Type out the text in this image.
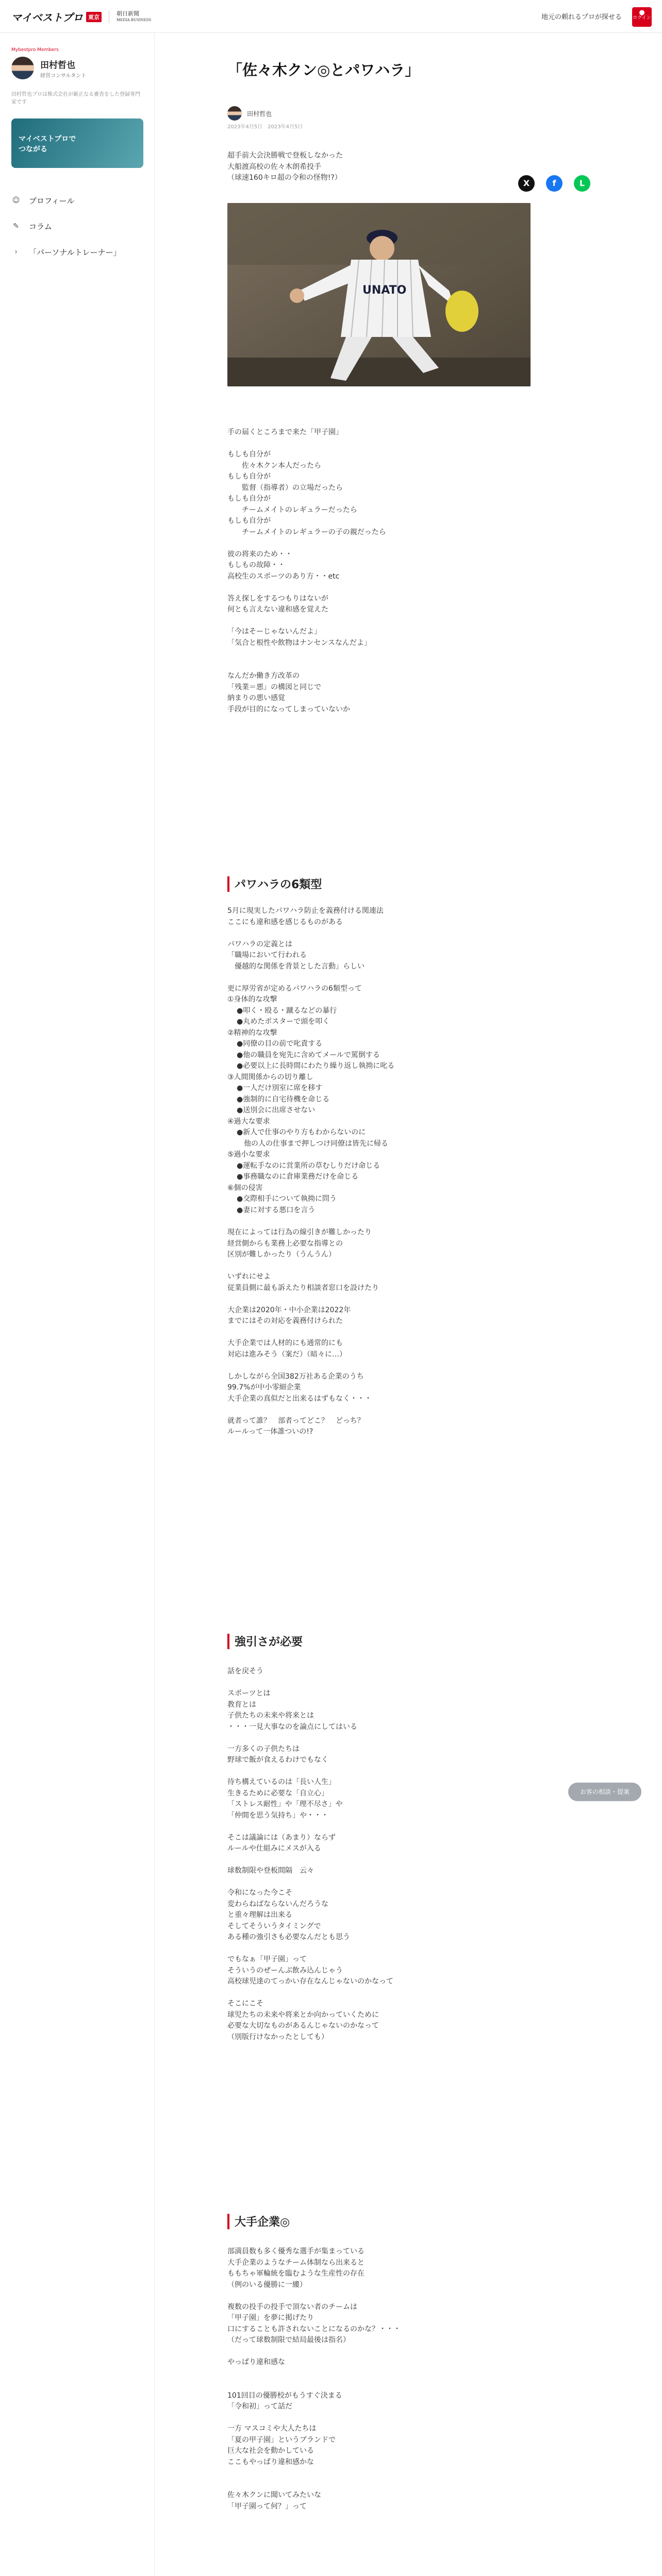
マイベストプロ 東京
朝日新聞
MEDIA BUSINESS	地元の頼れるプロが探せる
●
ログイン
Mybestpro Members
田村哲也
経営コンサルタント
田村哲也プロは株式会社が厳正なる審査をした登録専門家です
マイベストプロで
つながる
☺ プロフィール
✎ コラム
›	「パーソナルトレーナー」
「佐々木クン◎とパワハラ」
田村哲也
X	f	L
2023年4月5日　2023年4月5日
超手前大会決勝戦で登板しなかった
大船渡高校の佐々木朗希投手
（球速160キロ超の令和の怪物!?）
UNATO
手の届くところまで来た「甲子園」

もしも自分が
　　佐々木クン本人だったら
もしも自分が
　　監督（指導者）の立場だったら
もしも自分が
　　チームメイトのレギュラーだったら
もしも自分が
　　チームメイトのレギュラーの子の親だったら

彼の将来のため・・
もしもの故障・・
高校生のスポーツのあり方・・etc

答え探しをするつもりはないが
何とも言えない違和感を覚えた

「今はそーじゃないんだよ」
「気合と根性や飲物はナンセンスなんだよ」

なんだか働き方改革の
「残業＝悪」の構図と同じで
納まりの悪い感覚
手段が目的になってしまっていないか
パワハラの6類型
5月に現実したパワハラ防止を義務付ける関連法
ここにも違和感を感じるものがある

パワハラの定義とは
「職場において行われる
　優越的な関係を背景とした言動」らしい

更に厚労省が定めるパワハラの6類型って
①身体的な攻撃
●叩く・殴る・蹴るなどの暴行
●丸めたポスターで頭を叩く
②精神的な攻撃
●同僚の目の前で叱責する
●他の職員を宛先に含めてメールで罵倒する
●必要以上に長時間にわたり繰り返し執拗に叱る
③人間関係からの切り離し
●一人だけ別室に席を移す
●強制的に自宅待機を命じる
●送別会に出席させない
④過大な要求
●新人で仕事のやり方もわからないのに
　他の人の仕事まで押しつけ同僚は皆先に帰る
⑤過小な要求
●運転手なのに営業所の草むしりだけ命じる
●事務職なのに倉庫業務だけを命じる
⑥個の侵害
●交際相手について執拗に問う
●妻に対する悪口を言う
現在によっては行為の線引きが難しかったり
経営側からも業務上必要な指導との
区別が難しかったり（うんうん）

いずれにせよ
従業員側に最も訴えたり相談者窓口を設けたり

大企業は2020年・中小企業は2022年
までにはその対応を義務付けられた

大手企業では人材的にも通常的にも
対応は進みそう（案だ）（暗々に…）

しかしながら全国382万社ある企業のうち
99.7%が中小零細企業
大手企業の真似だと出来るはずもなく・・・

就者って誰？　部者ってどこ？　どっち？
ルールって一体誰ついの!?
強引さが必要
話を戻そう

スポーツとは
教育とは
子供たちの未来や将来とは
・・・一見大事なのを論点にしてはいる

一方多くの子供たちは
野球で飯が食えるわけでもなく

待ち構えているのは「長い人生」
生きるために必要な「自立心」
「ストレス耐性」や「理不尽さ」や
「仲間を思う気持ち」や・・・

そこは議論には（あまり）ならず
ルールや仕組みにメスが入る

球数制限や登板間隔　云々

令和になった今こそ
変わらねばならないんだろうな
と重々理解は出来る
そしてそういうタイミングで
ある種の強引さも必要なんだとも思う

でもなぁ「甲子園」って
そういうのぜーんぶ飲み込んじゃう
高校球児達のてっかい存在なんじゃないのかなって

そこにこそ
球児たちの未来や将来とか向かっていくために
必要な大切なものがあるんじゃないのかなって
（別版行けなかったとしても）
大手企業◎
部満員数も多く優秀な選手が集まっている
大手企業のようなチーム体制なら出来ると
ももちゃ軍輪統を臨むような生産性の存在
（例のいる優勝に一縷）

複数の投手の投手で頂ない者のチームは
「甲子園」を夢に掲げたり
口にすることも許されないことになるのかな？・・・
（だって球数制限で結局最後は指名）

やっぱり違和感な

101回目の優勝校がもうすぐ決まる
「令和初」って話だ

一方 マスコミや大人たちは
「夏の甲子園」というブランドで
巨大な社会を動かしている
ここもやっぱり違和感かな

佐々木クンに聞いてみたいな
「甲子園って何？」って
お客の相談・提案
